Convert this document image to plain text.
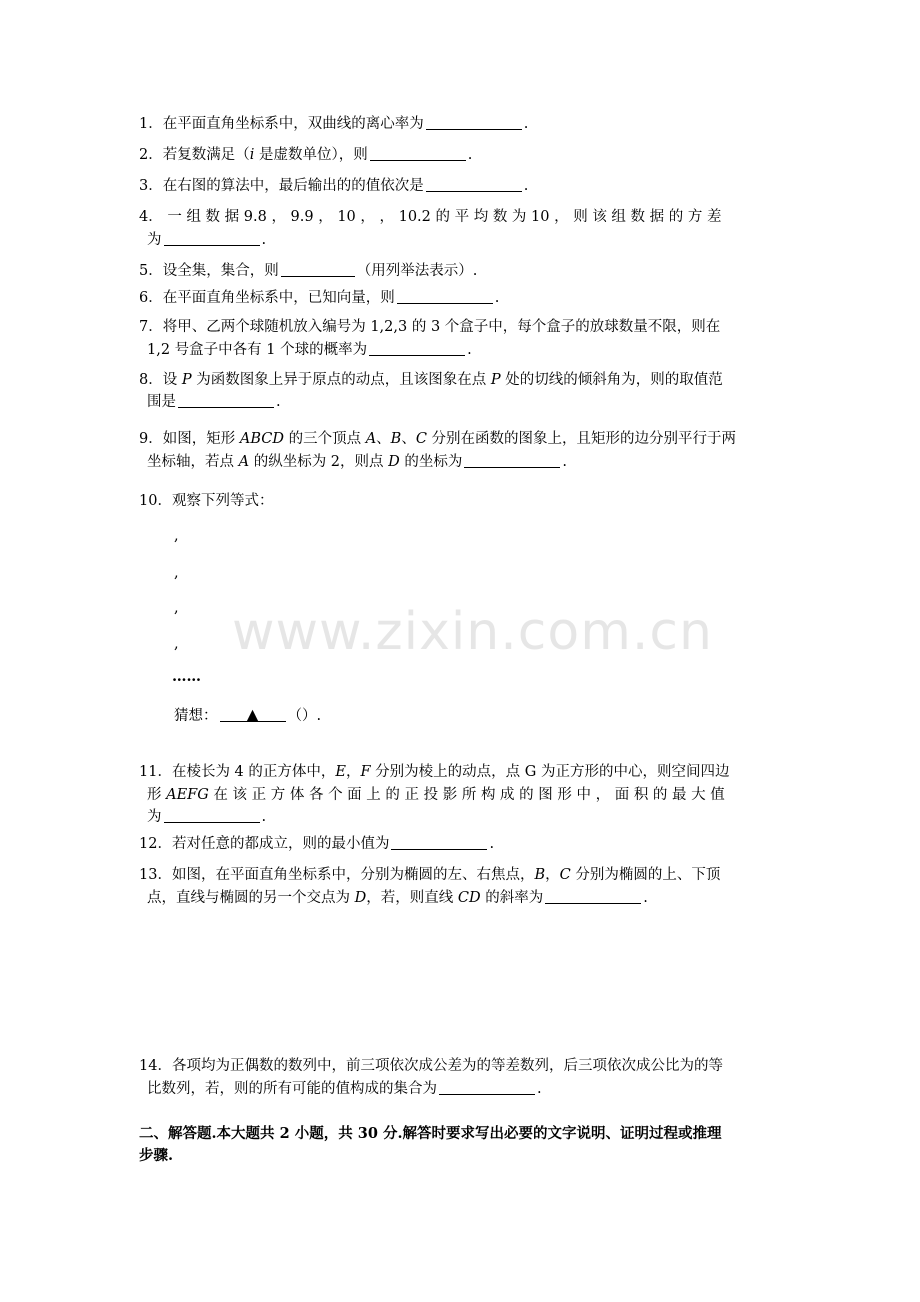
www.zixin.com.cn
1．在平面直角坐标系中，双曲线的离心率为	.
2．若复数满足（i 是虚数单位），则	.
3．在右图的算法中，最后输出的的值依次是	.
4． 一 组 数 据 9.8 ， 9.9 ， 10 ， ， 10.2 的 平 均 数 为 10 ， 则 该 组 数 据 的 方 差
为	.
5．设全集，集合，则	（用列举法表示）.
6．在平面直角坐标系中，已知向量，则	.
7．将甲、乙两个球随机放入编号为 1,2,3 的 3 个盒子中，每个盒子的放球数量不限，则在
1,2 号盒子中各有 1 个球的概率为	.
8．设 P 为函数图象上异于原点的动点，且该图象在点 P 处的切线的倾斜角为，则的取值范
围是	.
9．如图，矩形 ABCD 的三个顶点 A、B、C 分别在函数的图象上，且矩形的边分别平行于两
坐标轴，若点 A 的纵坐标为 2，则点 D 的坐标为	.
10．观察下列等式：
,
,
,
,
……
猜想：	▲	（）.
11．在棱长为 4 的正方体中，E，F 分别为棱上的动点，点 G 为正方形的中心，则空间四边
形 AEFG 在 该 正 方 体 各 个 面 上 的 正 投 影 所 构 成 的 图 形 中 ， 面 积 的 最 大 值
为	.
12．若对任意的都成立，则的最小值为	.
13．如图，在平面直角坐标系中，分别为椭圆的左、右焦点，B，C 分别为椭圆的上、下顶
点，直线与椭圆的另一个交点为 D，若，则直线 CD 的斜率为	.
14．各项均为正偶数的数列中，前三项依次成公差为的等差数列，后三项依次成公比为的等
比数列，若，则的所有可能的值构成的集合为	.
二、解答题.本大题共 2 小题，共 30 分.解答时要求写出必要的文字说明、证明过程或推理
步骤.
